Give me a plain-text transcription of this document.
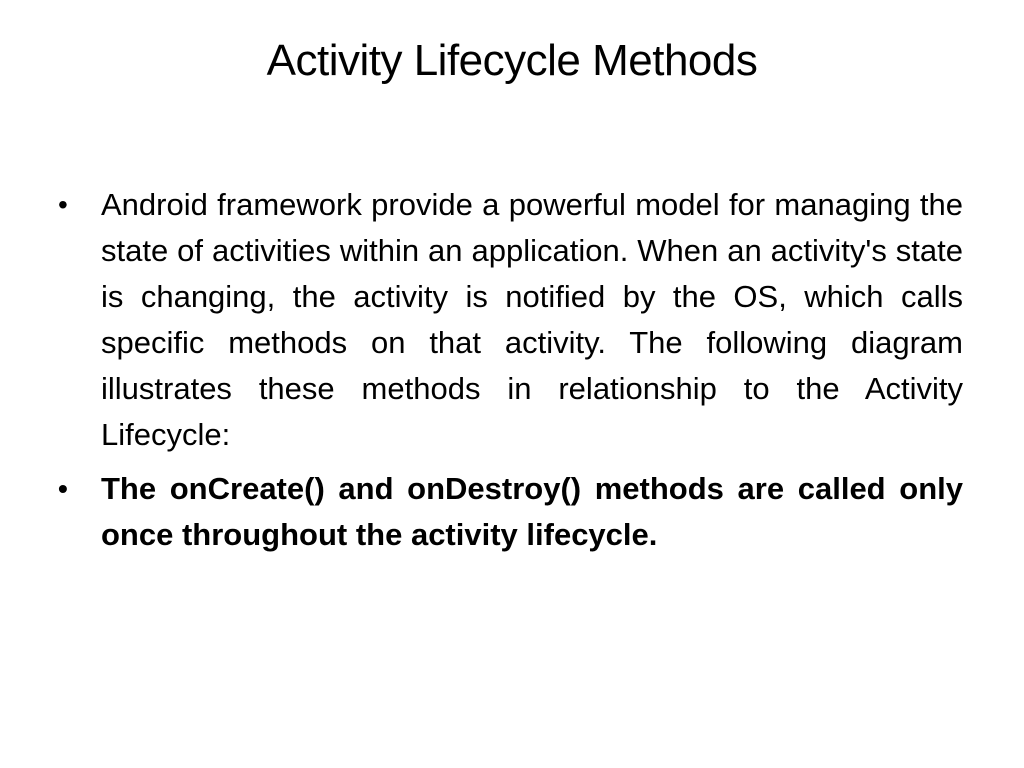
Activity Lifecycle Methods
•	Android framework provide a powerful model for managing the state of activities within an application. When an activity's state is changing, the activity is notified by the OS, which calls specific methods on that activity. The following diagram illustrates these methods in relationship to the Activity Lifecycle:
•	The onCreate() and onDestroy() methods are called only once throughout the activity lifecycle.
